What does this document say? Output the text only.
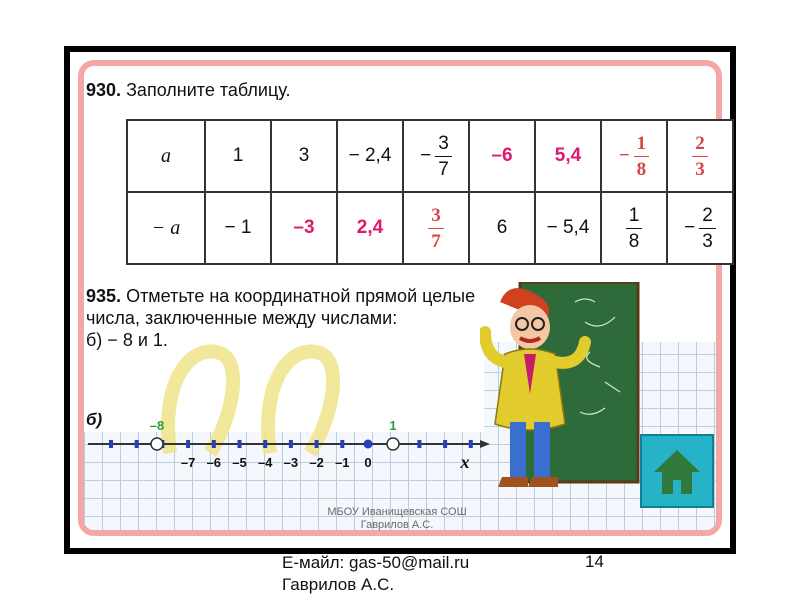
930. Заполните таблицу.
a	1	3	− 2,4	− $\frac{3}{7}$	–6	5,4	− $\frac{1}{8}$	$\frac{2}{3}$

− a	− 1	–3	2,4	$\frac{3}{7}$	6	− 5,4	$\frac{1}{8}$	− $\frac{2}{3}$
935. Отметьте на координатной прямой целые числа, заключенные между числами:
б) − 8 и 1.
б)	–8	1
0	x
–7 –6 –5 –4 –3 –2 –1
МБОУ Иванищевская СОШ
Гаврилов А.С.
Е-майл: gas-50@mail.ru
Гаврилов А.С.
14
